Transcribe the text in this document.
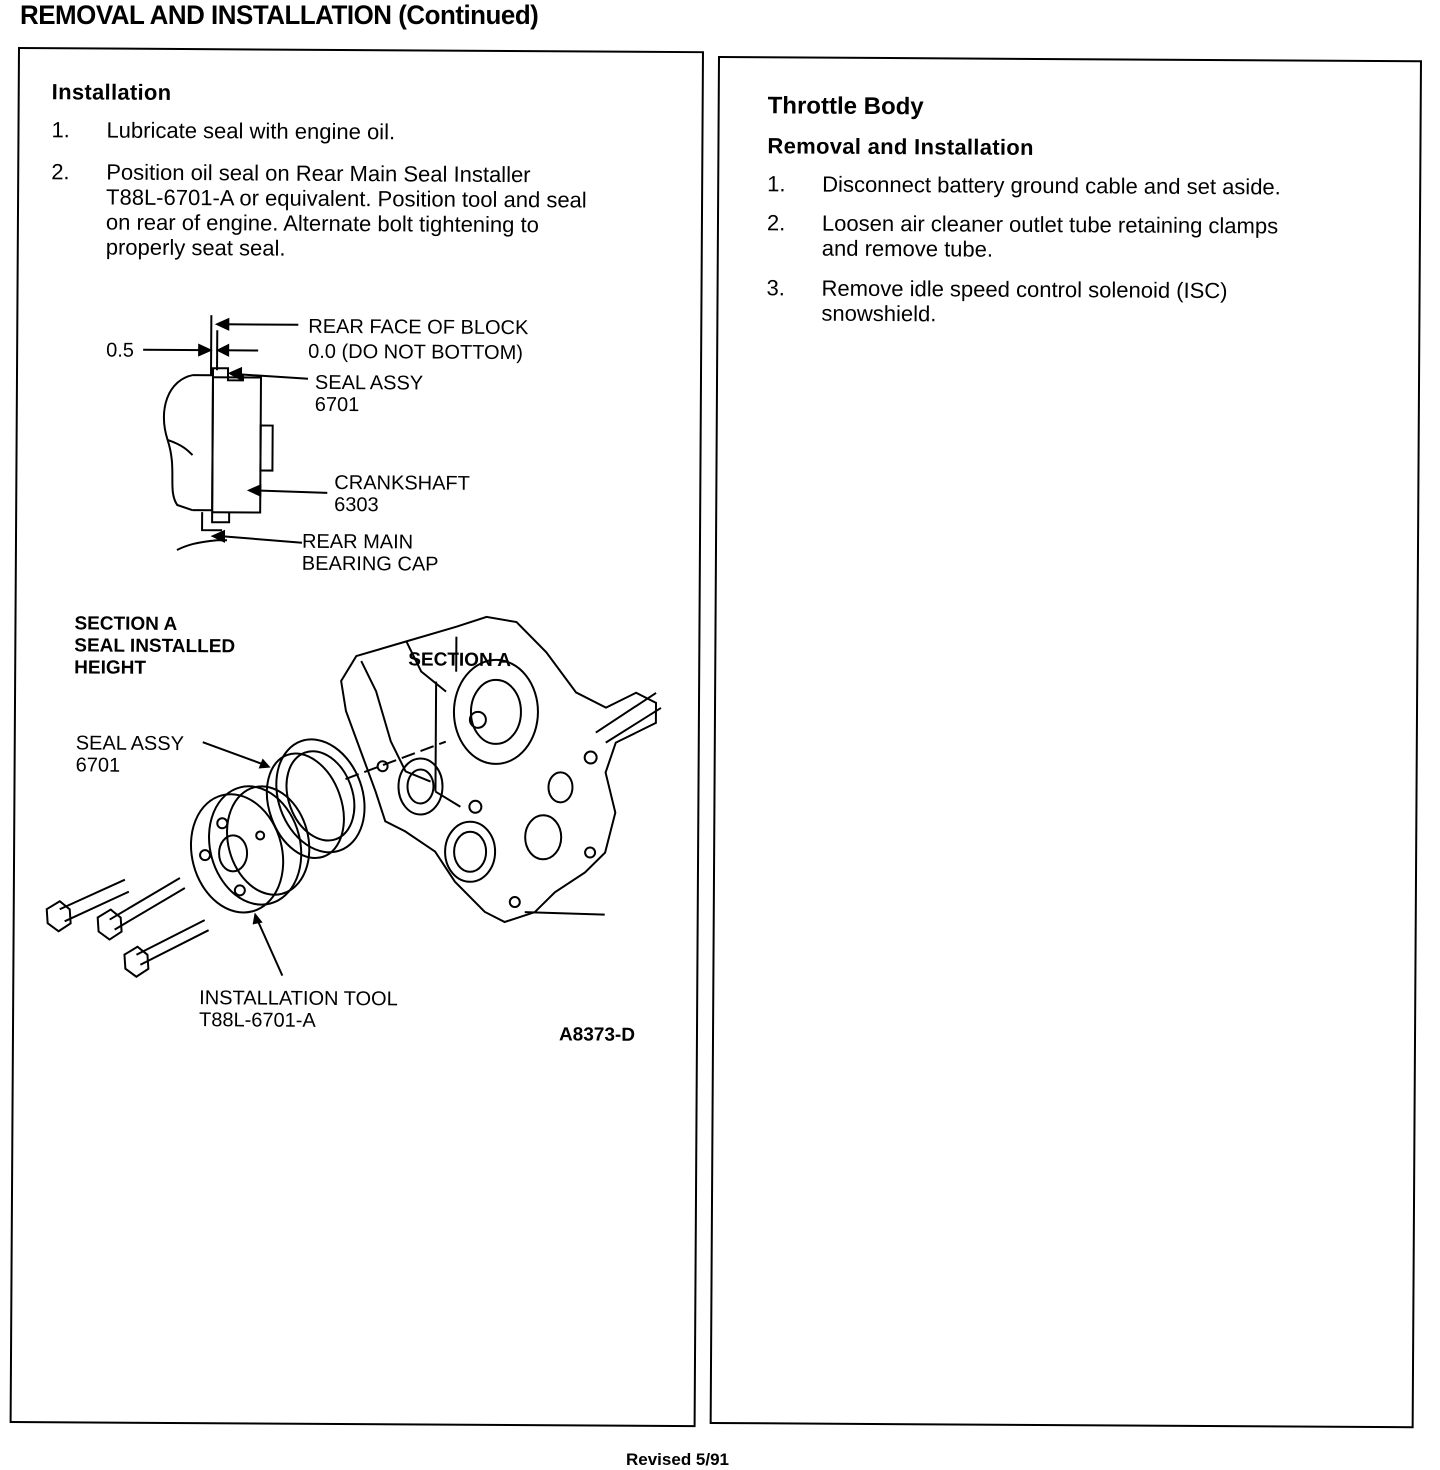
REMOVAL AND INSTALLATION (Continued)
Installation
1.	Lubricate seal with engine oil.
2.	Position oil seal on Rear Main Seal Installer
T88L-6701-A or equivalent. Position tool and seal
on rear of engine. Alternate bolt tightening to
properly seat seal.
REAR FACE OF BLOCK
0.0 (DO NOT BOTTOM)
0.5
SEAL ASSY
6701
CRANKSHAFT
6303
REAR MAIN
BEARING CAP
SECTION A
SEAL INSTALLED
HEIGHT	SECTION A
SEAL ASSY
6701
INSTALLATION TOOL
T88L-6701-A
A8373-D
Throttle Body
Removal and Installation
1.	Disconnect battery ground cable and set aside.
2.	Loosen air cleaner outlet tube retaining clamps
and remove tube.
3.	Remove idle speed control solenoid (ISC)
snowshield.
Revised 5/91
